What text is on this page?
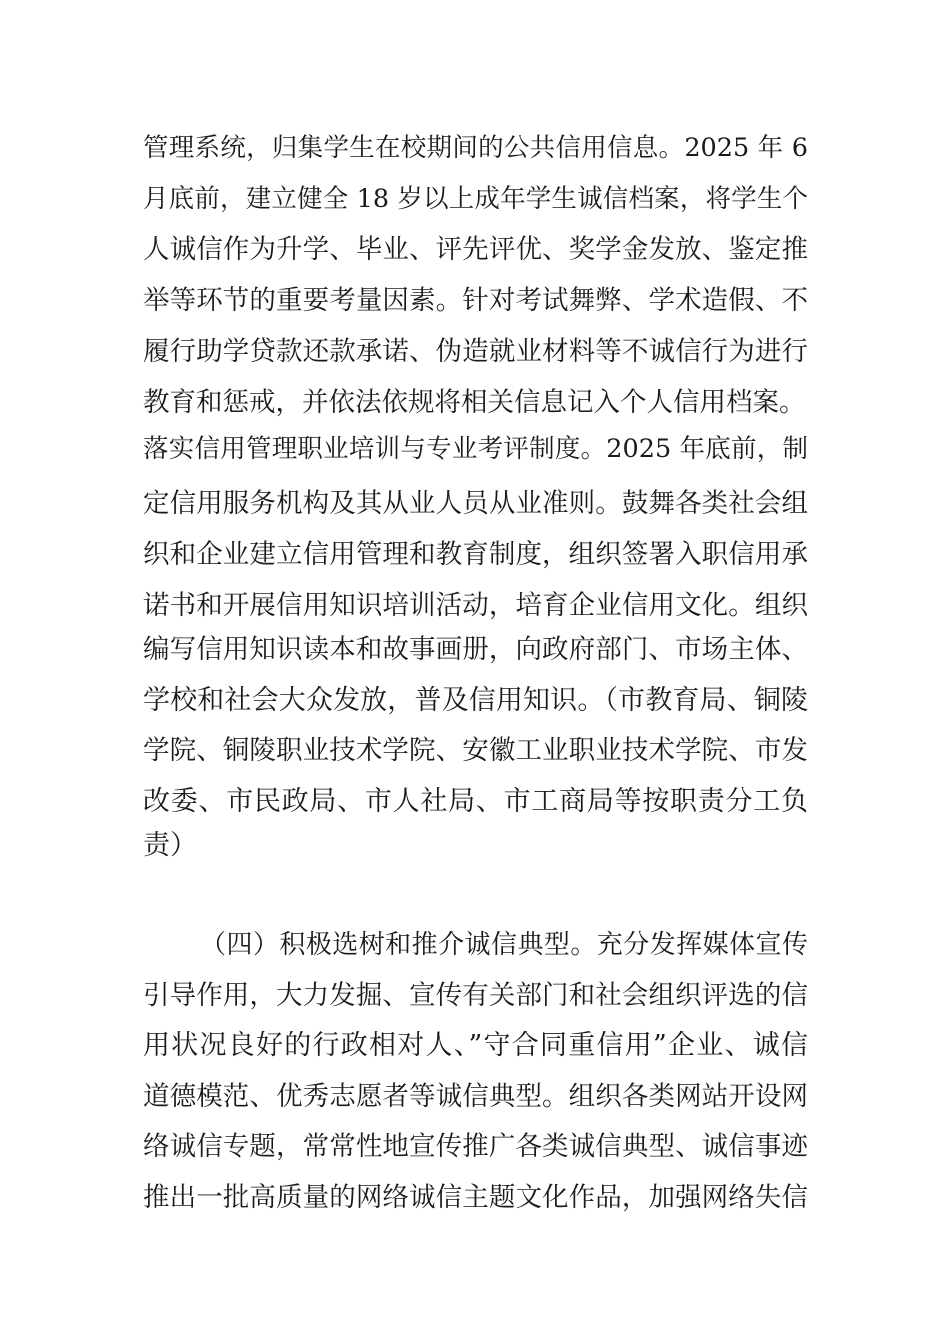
管理系统，归集学生在校期间的公共信用信息。2025 年 6
月底前，建立健全 18 岁以上成年学生诚信档案，将学生个
人诚信作为升学、毕业、评先评优、奖学金发放、鉴定推
举等环节的重要考量因素。针对考试舞弊、学术造假、不
履行助学贷款还款承诺、伪造就业材料等不诚信行为进行
教育和惩戒，并依法依规将相关信息记入个人信用档案。
落实信用管理职业培训与专业考评制度。2025 年底前，制
定信用服务机构及其从业人员从业准则。鼓舞各类社会组
织和企业建立信用管理和教育制度，组织签署入职信用承
诺书和开展信用知识培训活动，培育企业信用文化。组织
编写信用知识读本和故事画册，向政府部门、市场主体、
学校和社会大众发放，普及信用知识。（市教育局、铜陵
学院、铜陵职业技术学院、安徽工业职业技术学院、市发
改委、市民政局、市人社局、市工商局等按职责分工负
责）
（四）积极选树和推介诚信典型。充分发挥媒体宣传
引导作用，大力发掘、宣传有关部门和社会组织评选的信
用状况良好的行政相对人、”守合同重信用”企业、诚信
道德模范、优秀志愿者等诚信典型。组织各类网站开设网
络诚信专题，常常性地宣传推广各类诚信典型、诚信事迹
推出一批高质量的网络诚信主题文化作品，加强网络失信
